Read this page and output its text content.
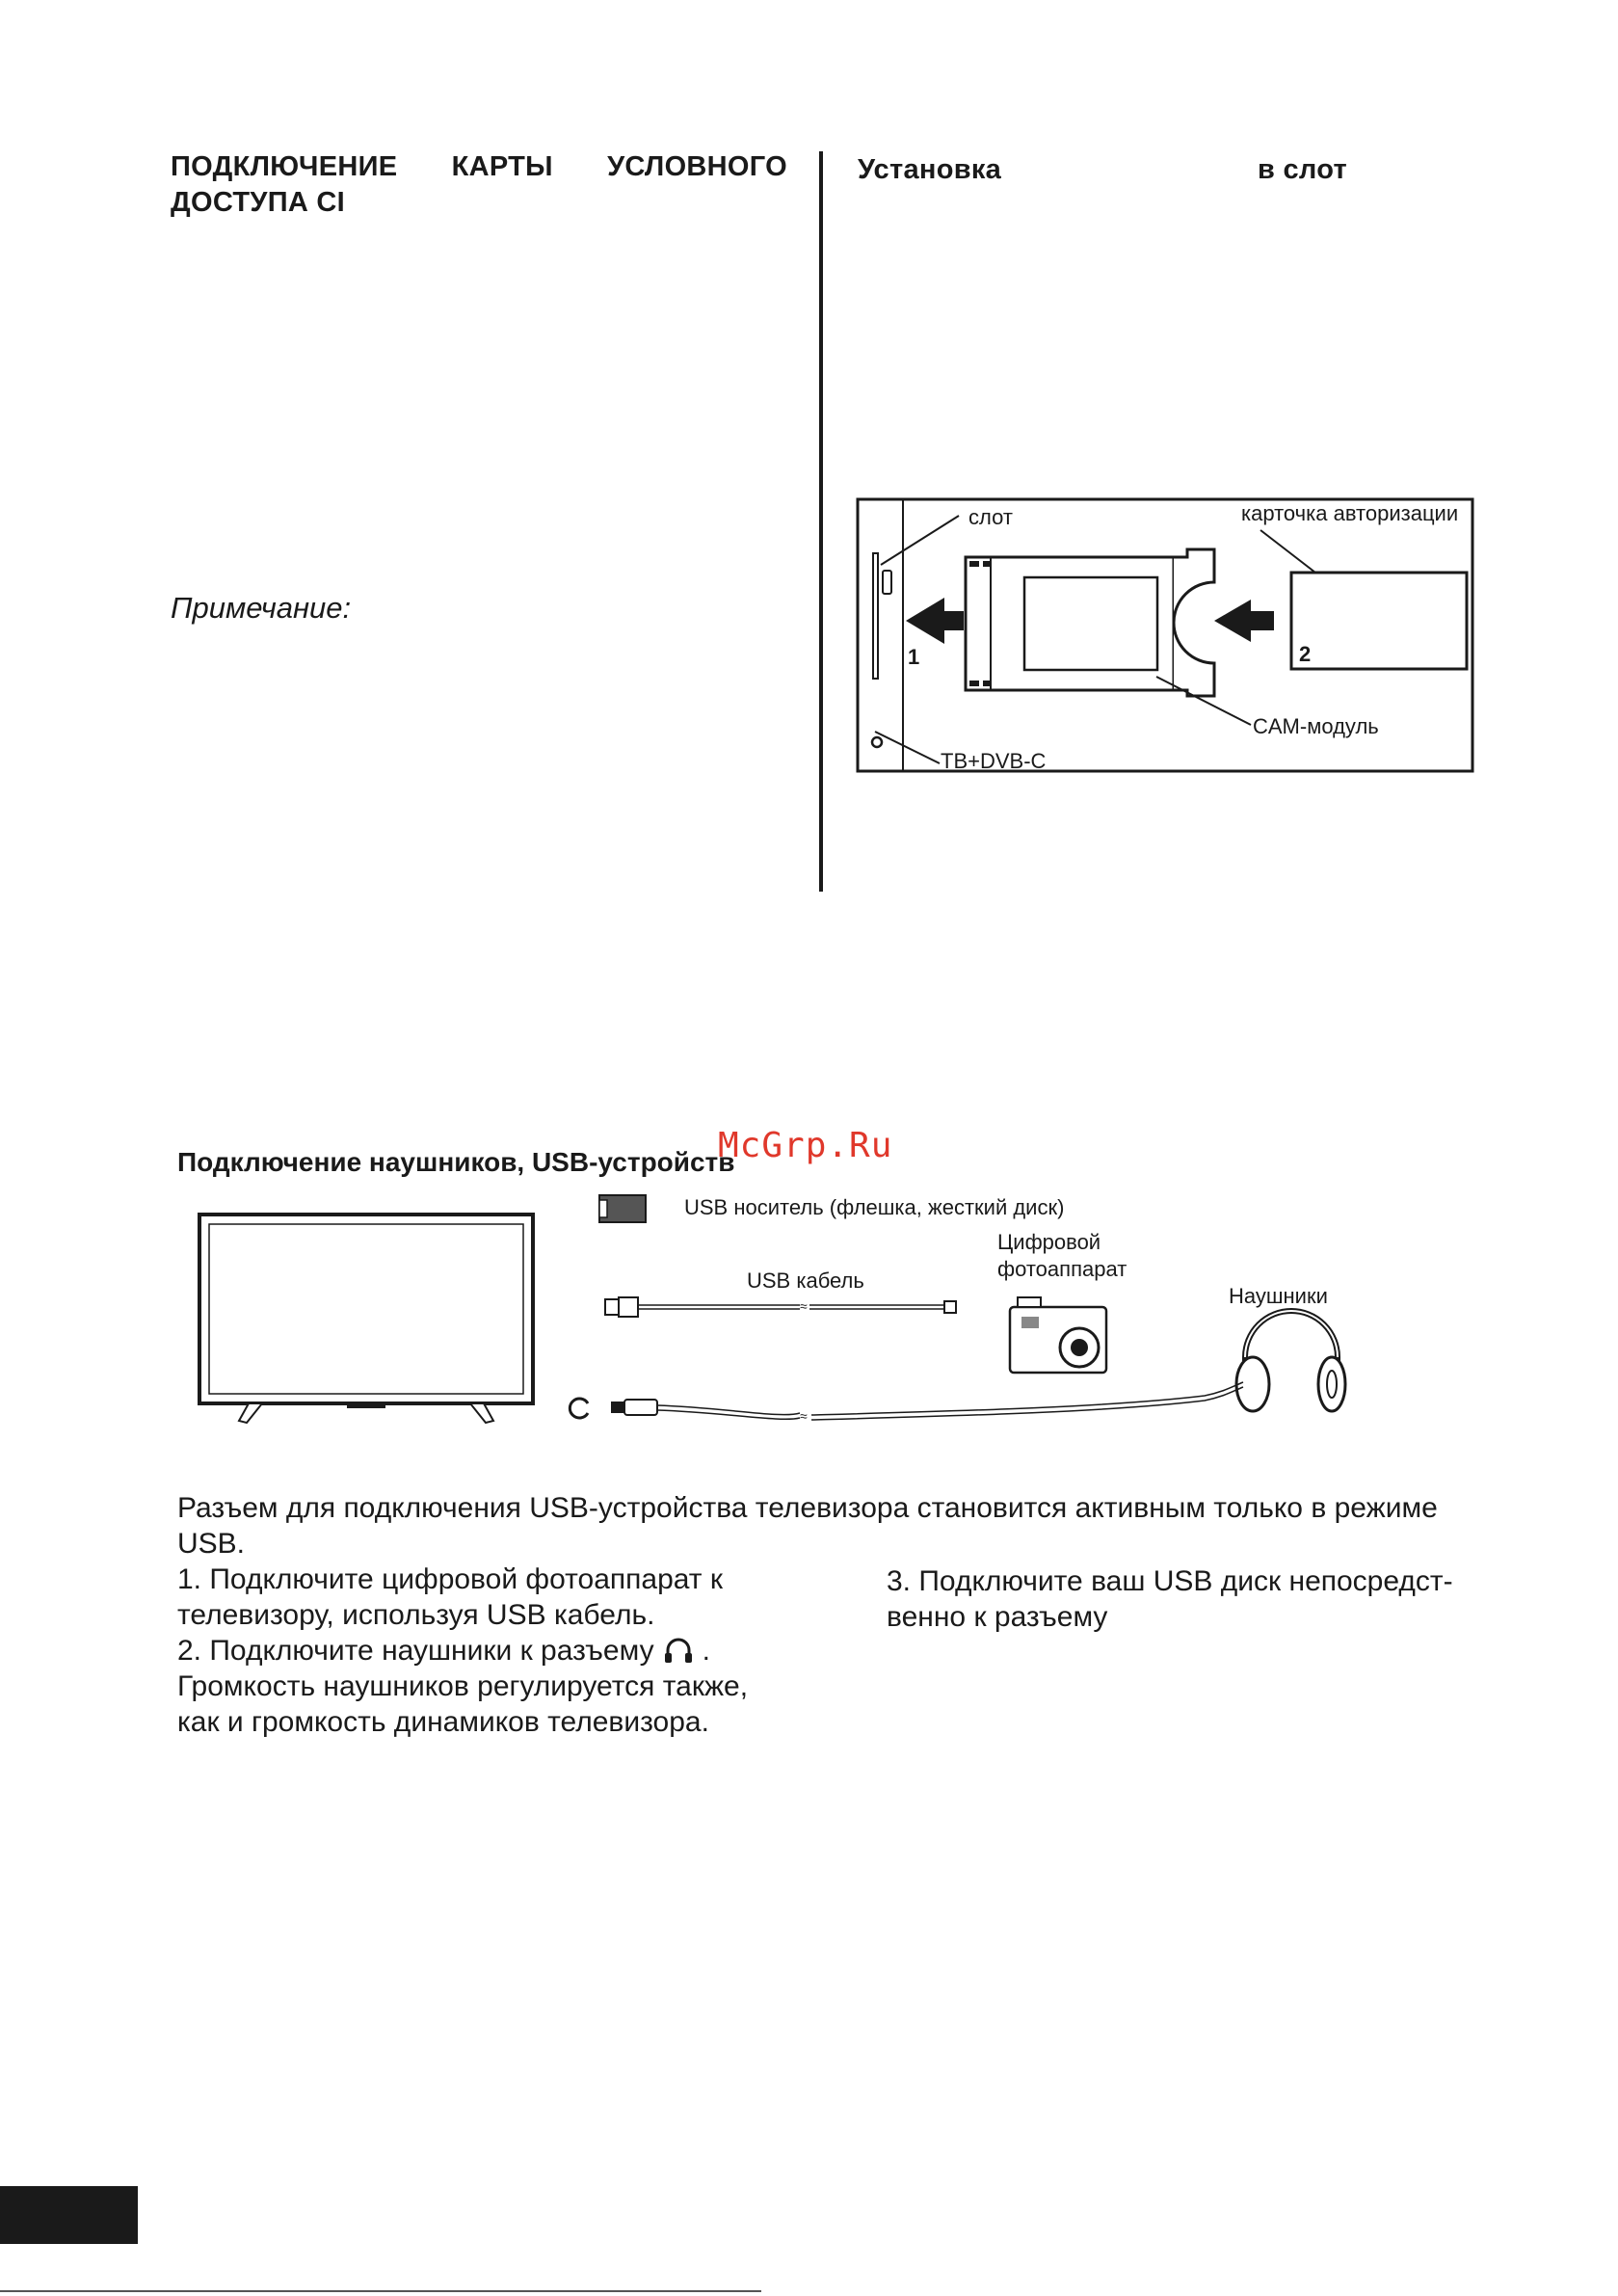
ПОДКЛЮЧЕНИЕ КАРТЫ УСЛОВНОГО
ДОСТУПА CI
Установка	в слот
Примечание:
слот
1	2
карточка авторизации
CAM-модуль
ТВ+DVB-C
McGrp.Ru
Подключение наушников, USB-устройств
USB носитель (флешка, жесткий диск)
≈
USB кабель
Цифровой
фотоаппарат
Наушники
≈
Разъем для подключения USB-устройства телевизора становится активным только в режиме
USB.
1. Подключите цифровой фотоаппарат к
телевизору, используя USB кабель.
2. Подключите наушники к разъему .
Громкость наушников регулируется также,
как и громкость динамиков телевизора.
3. Подключите ваш USB диск непосредст-
венно к разъему
